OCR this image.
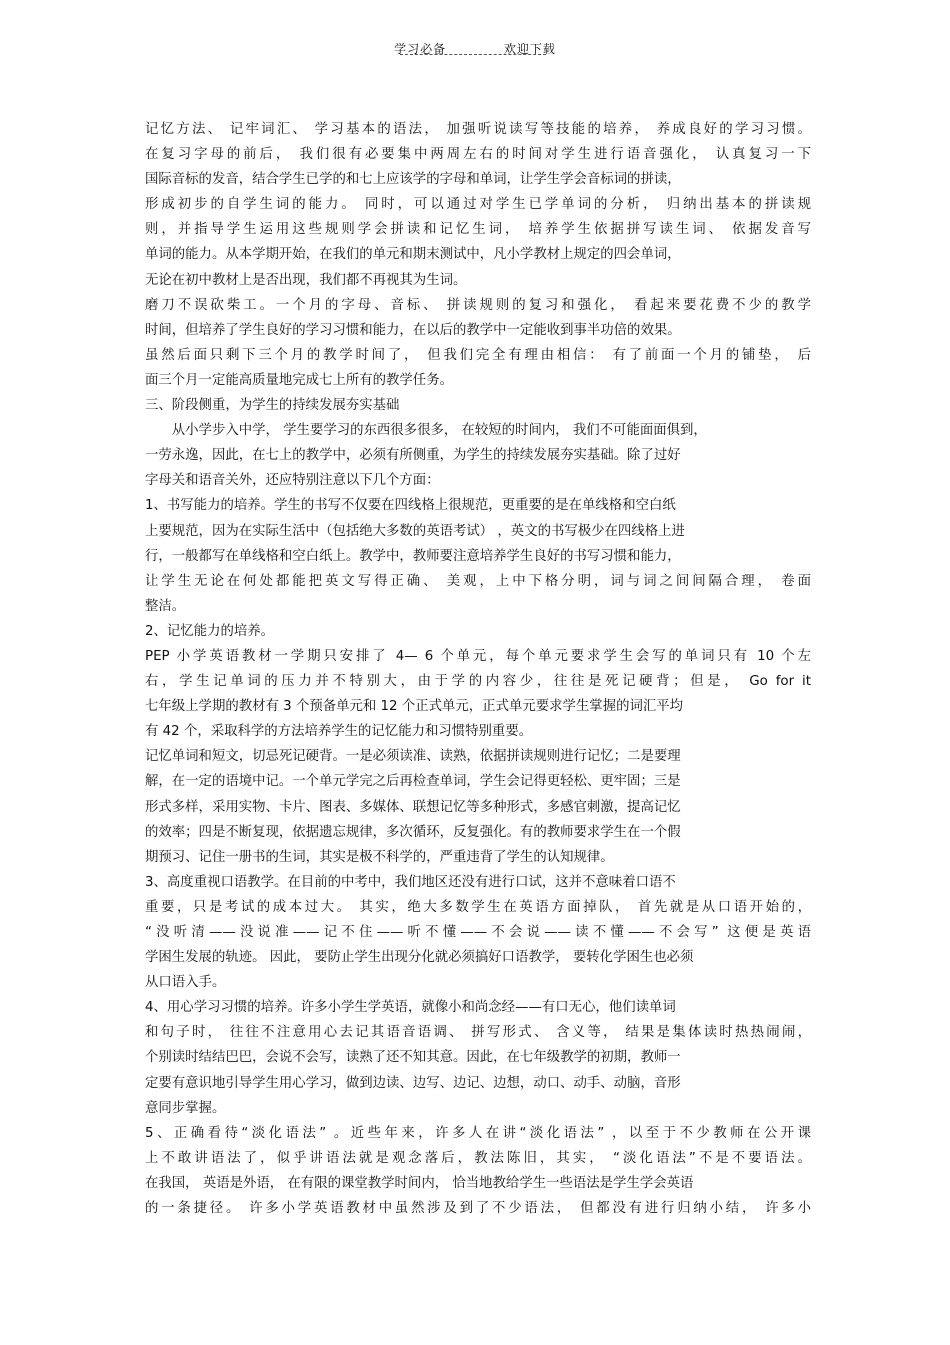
学习必备	欢迎下载
记忆方法、 记牢词汇、 学习基本的语法， 加强听说读写等技能的培养， 养成良好的学习习惯。
在复习字母的前后， 我们很有必要集中两周左右的时间对学生进行语音强化， 认真复习一下
国际音标的发音，结合学生已学的和七上应该学的字母和单词，让学生学会音标词的拼读，
形成初步的自学生词的能力。 同时，可以通过对学生已学单词的分析， 归纳出基本的拼读规
则，并指导学生运用这些规则学会拼读和记忆生词， 培养学生依据拼写读生词、 依据发音写
单词的能力。从本学期开始，在我们的单元和期末测试中，凡小学教材上规定的四会单词，
无论在初中教材上是否出现，我们都不再视其为生词。
磨刀不误砍柴工。一个月的字母、音标、 拼读规则的复习和强化， 看起来要花费不少的教学
时间，但培养了学生良好的学习习惯和能力，在以后的教学中一定能收到事半功倍的效果。
虽然后面只剩下三个月的教学时间了， 但我们完全有理由相信： 有了前面一个月的铺垫， 后
面三个月一定能高质量地完成七上所有的教学任务。
三、阶段侧重，为学生的持续发展夯实基础
　　从小学步入中学， 学生要学习的东西很多很多， 在较短的时间内， 我们不可能面面俱到，
一劳永逸，因此，在七上的教学中，必须有所侧重，为学生的持续发展夯实基础。除了过好
字母关和语音关外，还应特别注意以下几个方面：
1、书写能力的培养。学生的书写不仅要在四线格上很规范，更重要的是在单线格和空白纸
上要规范，因为在实际生活中（包括绝大多数的英语考试） ，英文的书写极少在四线格上进
行，一般都写在单线格和空白纸上。教学中，教师要注意培养学生良好的书写习惯和能力，
让学生无论在何处都能把英文写得正确、 美观，上中下格分明，词与词之间间隔合理， 卷面
整洁。
2、记忆能力的培养。
PEP 小学英语教材一学期只安排了 4— 6 个单元，每个单元要求学生会写的单词只有 10 个左
右，学生记单词的压力并不特别大，由于学的内容少，往往是死记硬背；但是， Go for it
七年级上学期的教材有 3 个预备单元和 12 个正式单元，正式单元要求学生掌握的词汇平均
有 42 个，采取科学的方法培养学生的记忆能力和习惯特别重要。
记忆单词和短文，切忌死记硬背。一是必须读准、读熟，依据拼读规则进行记忆；二是要理
解，在一定的语境中记。一个单元学完之后再检查单词，学生会记得更轻松、更牢固；三是
形式多样，采用实物、卡片、图表、多媒体、联想记忆等多种形式，多感官刺激，提高记忆
的效率；四是不断复现，依据遗忘规律，多次循环，反复强化。有的教师要求学生在一个假
期预习、记住一册书的生词，其实是极不科学的，严重违背了学生的认知规律。
3、高度重视口语教学。在目前的中考中，我们地区还没有进行口试，这并不意味着口语不
重要，只是考试的成本过大。 其实，绝大多数学生在英语方面掉队， 首先就是从口语开始的，
“没听清——没说准——记不住——听不懂——不会说——读不懂——不会写” 这便是英语
学困生发展的轨迹。 因此， 要防止学生出现分化就必须搞好口语教学， 要转化学困生也必须
从口语入手。
4、用心学习习惯的培养。许多小学生学英语，就像小和尚念经——有口无心，他们读单词
和句子时， 往往不注意用心去记其语音语调、 拼写形式、 含义等， 结果是集体读时热热闹闹，
个别读时结结巴巴，会说不会写，读熟了还不知其意。因此，在七年级教学的初期，教师一
定要有意识地引导学生用心学习，做到边读、边写、边记、边想，动口、动手、动脑，音形
意同步掌握。
5、正确看待“淡化语法” 。近些年来，许多人在讲“淡化语法” ，以至于不少教师在公开课
上不敢讲语法了，似乎讲语法就是观念落后，教法陈旧，其实， “淡化语法”不是不要语法。
在我国， 英语是外语， 在有限的课堂教学时间内， 恰当地教给学生一些语法是学生学会英语
的一条捷径。 许多小学英语教材中虽然涉及到了不少语法， 但都没有进行归纳小结， 许多小
